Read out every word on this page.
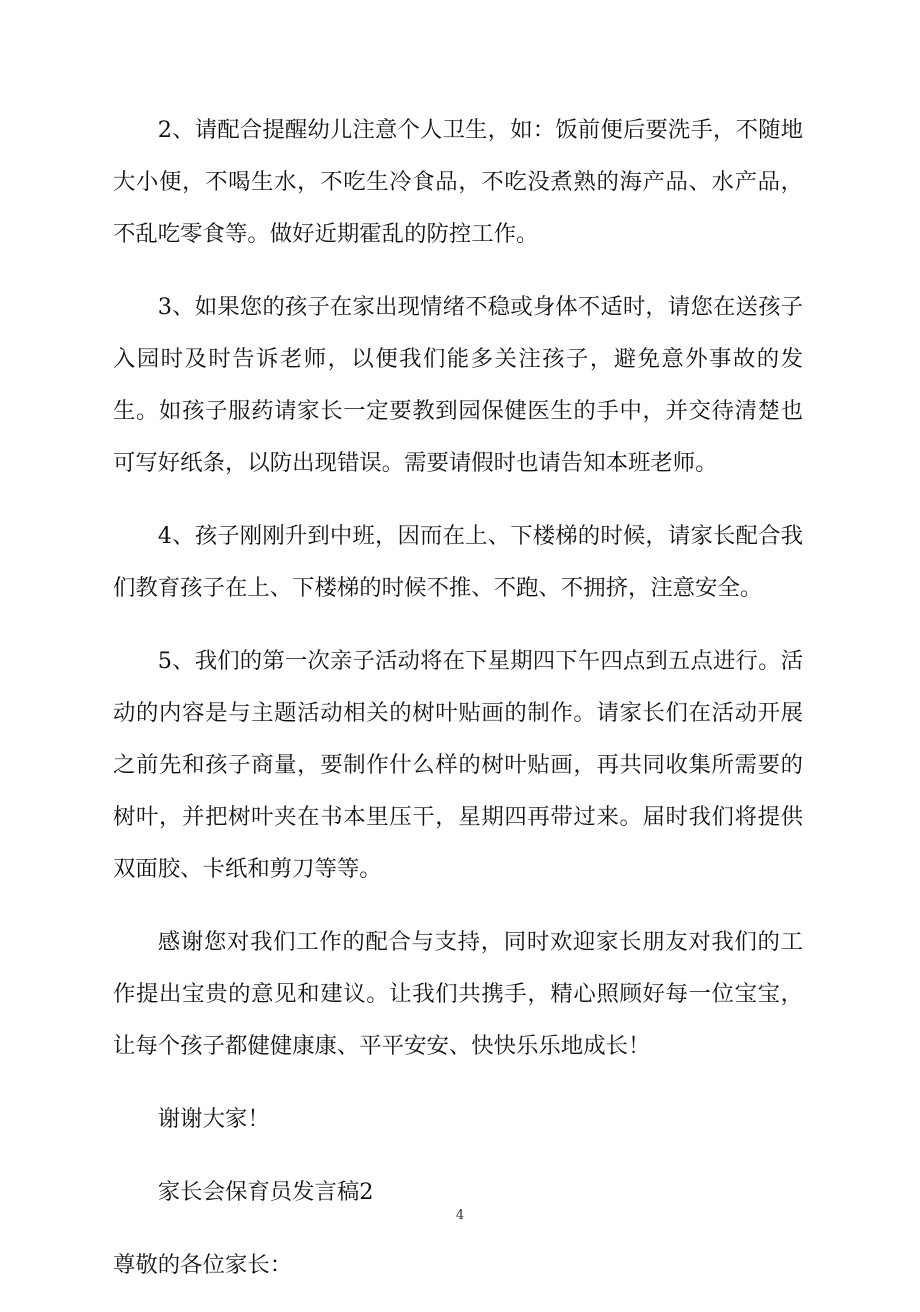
2、请配合提醒幼儿注意个人卫生，如：饭前便后要洗手，不随地大小便，不喝生水，不吃生冷食品，不吃没煮熟的海产品、水产品，不乱吃零食等。做好近期霍乱的防控工作。

3、如果您的孩子在家出现情绪不稳或身体不适时，请您在送孩子入园时及时告诉老师，以便我们能多关注孩子，避免意外事故的发生。如孩子服药请家长一定要教到园保健医生的手中，并交待清楚也可写好纸条，以防出现错误。需要请假时也请告知本班老师。

4、孩子刚刚升到中班，因而在上、下楼梯的时候，请家长配合我们教育孩子在上、下楼梯的时候不推、不跑、不拥挤，注意安全。

5、我们的第一次亲子活动将在下星期四下午四点到五点进行。活动的内容是与主题活动相关的树叶贴画的制作。请家长们在活动开展之前先和孩子商量，要制作什么样的树叶贴画，再共同收集所需要的树叶，并把树叶夹在书本里压干，星期四再带过来。届时我们将提供双面胶、卡纸和剪刀等等。

感谢您对我们工作的配合与支持，同时欢迎家长朋友对我们的工作提出宝贵的意见和建议。让我们共携手，精心照顾好每一位宝宝，让每个孩子都健健康康、平平安安、快快乐乐地成长！

谢谢大家！

家长会保育员发言稿2

尊敬的各位家长：

4
